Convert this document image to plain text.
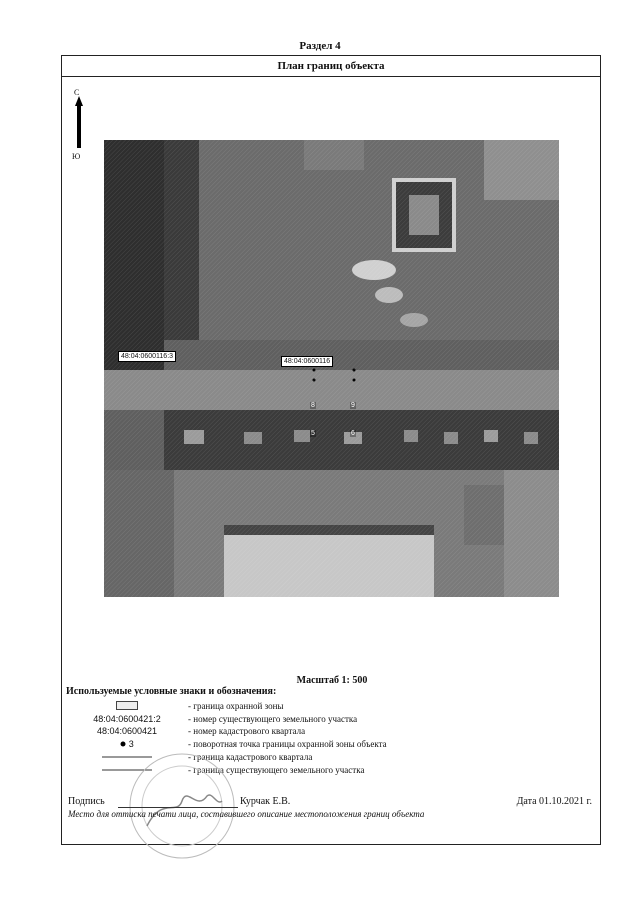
Раздел 4
План границ объекта
С
Ю
48:04:0600116:3
48:04:0600116
8	9
5	6
Масштаб 1: 500
Используемые условные знаки и обозначения:
- граница охранной зоны
48:04:0600421:2	- номер существующего земельного участка
48:04:0600421	- номер кадастрового квартала
3	- поворотная точка границы охранной зоны объекта
- граница кадастрового квартала
- граница существующего земельного участка
Подпись	Курчак Е.В.	Дата 01.10.2021 г.
Место для оттиска печати лица, составившего описание местоположения границ объекта
